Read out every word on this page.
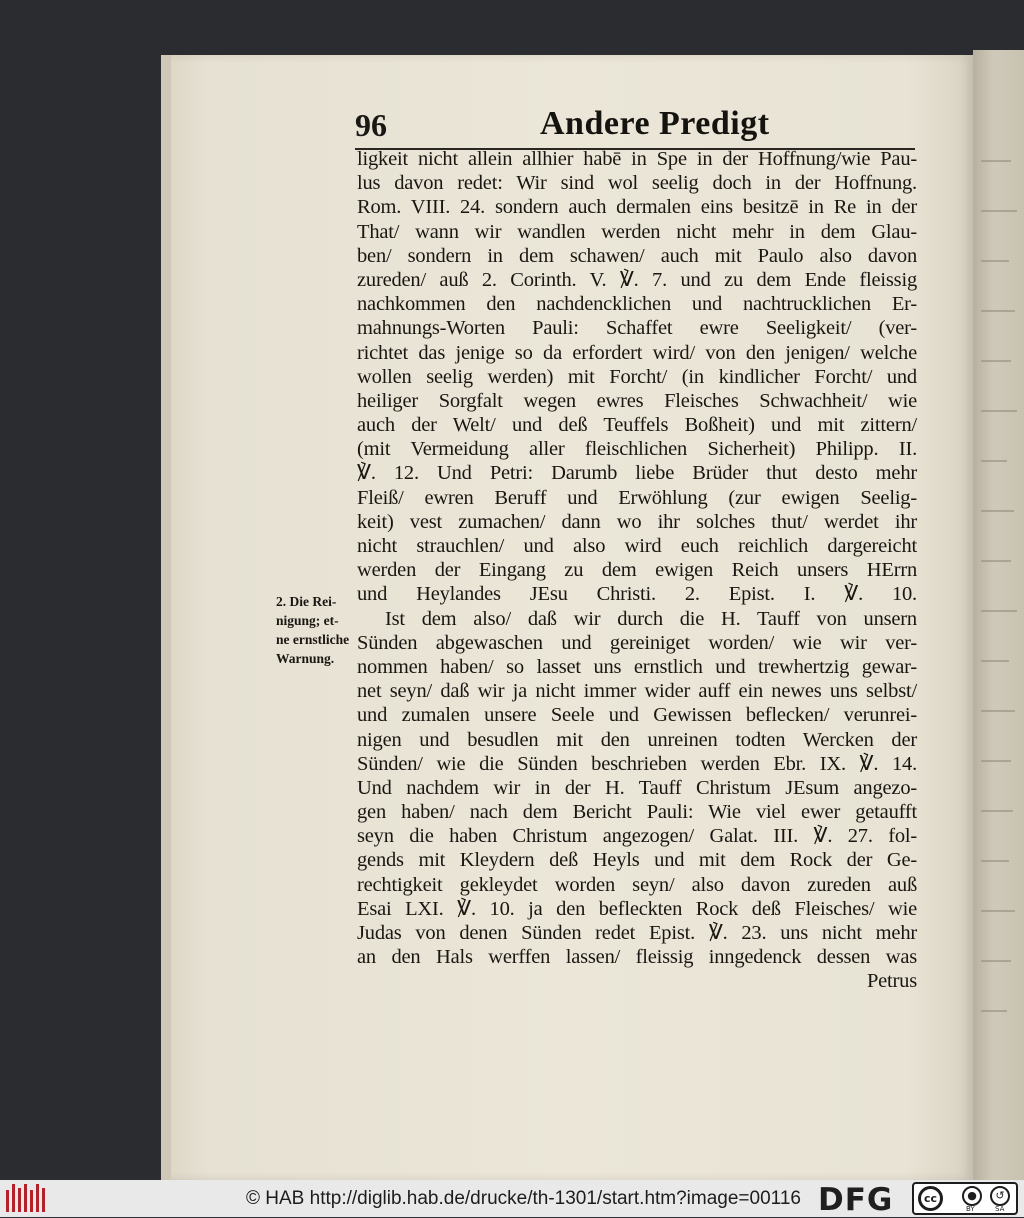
96	Andere Predigt
ligkeit nicht allein allhier habē in Spe in der Hoffnung/wie Pau-
lus davon redet: Wir sind wol seelig doch in der Hoffnung.
Rom. VIII. 24. sondern auch dermalen eins besitzē in Re in der
That/ wann wir wandlen werden nicht mehr in dem Glau-
ben/ sondern in dem schawen/ auch mit Paulo also davon
zureden/ auß 2. Corinth. V. ℣. 7. und zu dem Ende fleissig
nachkommen den nachdencklichen und nachtrucklichen Er-
mahnungs-Worten Pauli: Schaffet ewre Seeligkeit/ (ver-
richtet das jenige so da erfordert wird/ von den jenigen/ welche
wollen seelig werden) mit Forcht/ (in kindlicher Forcht/ und
heiliger Sorgfalt wegen ewres Fleisches Schwachheit/ wie
auch der Welt/ und deß Teuffels Boßheit) und mit zittern/
(mit Vermeidung aller fleischlichen Sicherheit) Philipp. II.
℣. 12. Und Petri: Darumb liebe Brüder thut desto mehr
Fleiß/ ewren Beruff und Erwöhlung (zur ewigen Seelig-
keit) vest zumachen/ dann wo ihr solches thut/ werdet ihr
nicht strauchlen/ und also wird euch reichlich dargereicht
werden der Eingang zu dem ewigen Reich unsers HErrn
und Heylandes JEsu Christi. 2. Epist. I. ℣. 10.
Ist dem also/ daß wir durch die H. Tauff von unsern
Sünden abgewaschen und gereiniget worden/ wie wir ver-
nommen haben/ so lasset uns ernstlich und trewhertzig gewar-
net seyn/ daß wir ja nicht immer wider auff ein newes uns selbst/
und zumalen unsere Seele und Gewissen beflecken/ verunrei-
nigen und besudlen mit den unreinen todten Wercken der
Sünden/ wie die Sünden beschrieben werden Ebr. IX. ℣. 14.
Und nachdem wir in der H. Tauff Christum JEsum angezo-
gen haben/ nach dem Bericht Pauli: Wie viel ewer getaufft
seyn die haben Christum angezogen/ Galat. III. ℣. 27. fol-
gends mit Kleydern deß Heyls und mit dem Rock der Ge-
rechtigkeit gekleydet worden seyn/ also davon zureden auß
Esai LXI. ℣. 10. ja den befleckten Rock deß Fleisches/ wie
Judas von denen Sünden redet Epist. ℣. 23. uns nicht mehr
an den Hals werffen lassen/ fleissig inngedenck dessen was
Petrus
2. Die Rei-
nigung; et-
ne ernstliche
Warnung.
© HAB http://diglib.hab.de/drucke/th-1301/start.htm?image=00116 DFG	cc	●	↺
BY	SA
